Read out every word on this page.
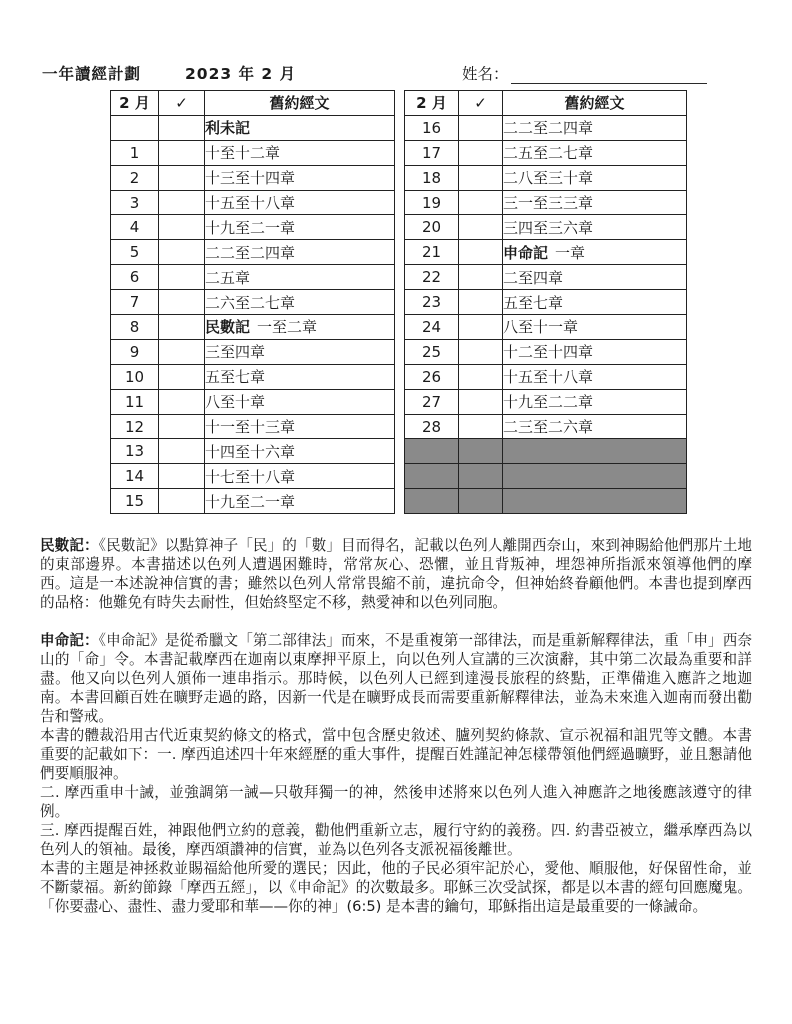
一年讀經計劃	2023 年 2 月	姓名：
2 月	✓	舊約經文
		利未記
1		十至十二章
2		十三至十四章
3		十五至十八章
4		十九至二一章
5		二二至二四章
6		二五章
7		二六至二七章
8		民數記 一至二章
9		三至四章
10		五至七章
11		八至十章
12		十一至十三章
13		十四至十六章
14		十七至十八章
15		十九至二一章
2 月	✓	舊約經文
16		二二至二四章
17		二五至二七章
18		二八至三十章
19		三一至三三章
20		三四至三六章
21		申命記 一章
22		二至四章
23		五至七章
24		八至十一章
25		十二至十四章
26		十五至十八章
27		十九至二二章
28		二三至二六章

民數記：《民數記》以點算神子「民」的「數」目而得名，記載以色列人離開西奈山，來到神賜給他們那片土地的東部邊界。本書描述以色列人遭遇困難時，常常灰心、恐懼，並且背叛神，埋怨神所指派來領導他們的摩西。這是一本述說神信實的書；雖然以色列人常常畏縮不前，違抗命令，但神始終眷顧他們。本書也提到摩西的品格：他難免有時失去耐性，但始終堅定不移，熱愛神和以色列同胞。
申命記：《申命記》是從希臘文「第二部律法」而來，不是重複第一部律法，而是重新解釋律法，重「申」西奈山的「命」令。本書記載摩西在迦南以東摩押平原上，向以色列人宣講的三次演辭，其中第二次最為重要和詳盡。他又向以色列人頒佈一連串指示。那時候，以色列人已經到達漫長旅程的終點，正準備進入應許之地迦南。本書回顧百姓在曠野走過的路，因新一代是在曠野成長而需要重新解釋律法，並為未來進入迦南而發出勸告和警戒。
本書的體裁沿用古代近東契約條文的格式，當中包含歷史敘述、臚列契約條款、宣示祝福和詛咒等文體。本書重要的記載如下：一. 摩西追述四十年來經歷的重大事件，提醒百姓謹記神怎樣帶領他們經過曠野，並且懇請他們要順服神。
二. 摩西重申十誡，並強調第一誡—只敬拜獨一的神，然後申述將來以色列人進入神應許之地後應該遵守的律例。
三. 摩西提醒百姓，神跟他們立約的意義，勸他們重新立志，履行守約的義務。四. 約書亞被立，繼承摩西為以色列人的領袖。最後，摩西頌讚神的信實，並為以色列各支派祝福後離世。
本書的主題是神拯救並賜福給他所愛的選民；因此，他的子民必須牢記於心，愛他、順服他，好保留性命，並不斷蒙福。新約節錄「摩西五經」，以《申命記》的次數最多。耶穌三次受試探，都是以本書的經句回應魔鬼。「你要盡心、盡性、盡力愛耶和華——你的神」(6:5) 是本書的鑰句，耶穌指出這是最重要的一條誡命。
